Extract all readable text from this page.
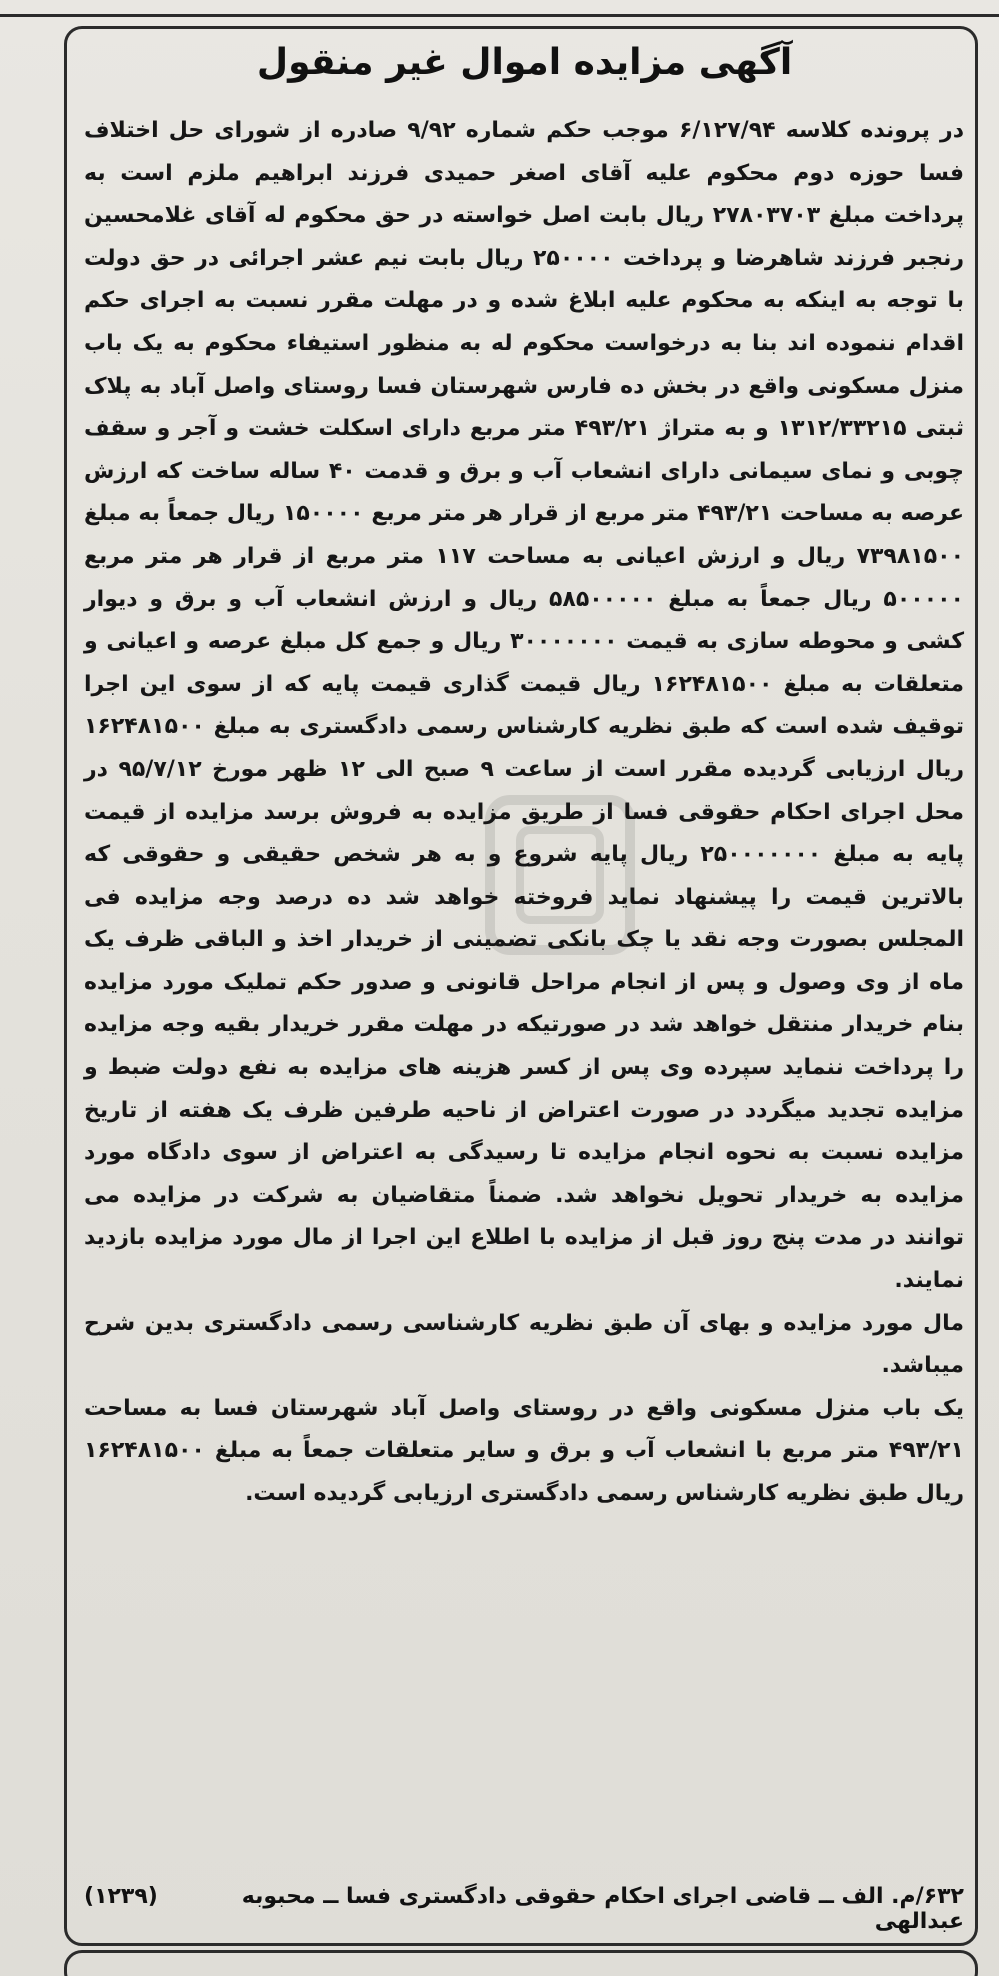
آگهی مزایده اموال غیر منقول

در پرونده کلاسه ۶/۱۲۷/۹۴ موجب حکم شماره ۹/۹۲ صادره از شورای حل اختلاف فسا حوزه دوم محکوم علیه آقای اصغر حمیدی فرزند ابراهیم ملزم است به پرداخت مبلغ ۲۷۸۰۳۷۰۳ ریال بابت اصل خواسته در حق محکوم له آقای غلامحسین رنجبر فرزند شاهرضا و پرداخت ۲۵۰۰۰۰ ریال بابت نیم عشر اجرائی در حق دولت با توجه به اینکه به محکوم علیه ابلاغ شده و در مهلت مقرر نسبت به اجرای حکم اقدام ننموده اند بنا به درخواست محکوم له به منظور استیفاء محکوم به یک باب منزل مسکونی واقع در بخش ده فارس شهرستان فسا روستای واصل آباد به پلاک ثبتی ۱۳۱۲/۳۳۲۱۵ و به متراژ ۴۹۳/۲۱ متر مربع دارای اسکلت خشت و آجر و سقف چوبی و نمای سیمانی دارای انشعاب آب و برق و قدمت ۴۰ ساله ساخت که ارزش عرصه به مساحت ۴۹۳/۲۱ متر مربع از قرار هر متر مربع ۱۵۰۰۰۰ ریال جمعاً به مبلغ ۷۳۹۸۱۵۰۰ ریال و ارزش اعیانی به مساحت ۱۱۷ متر مربع از قرار هر متر مربع ۵۰۰۰۰۰ ریال جمعاً به مبلغ ۵۸۵۰۰۰۰۰ ریال و ارزش انشعاب آب و برق و دیوار کشی و محوطه سازی به قیمت ۳۰۰۰۰۰۰۰ ریال و جمع کل مبلغ عرصه و اعیانی و متعلقات به مبلغ ۱۶۲۴۸۱۵۰۰ ریال قیمت گذاری قیمت پایه که از سوی این اجرا توقیف شده است که طبق نظریه کارشناس رسمی دادگستری به مبلغ ۱۶۲۴۸۱۵۰۰ ریال ارزیابی گردیده مقرر است از ساعت ۹ صبح الی ۱۲ ظهر مورخ ۹۵/۷/۱۲ در محل اجرای احکام حقوقی فسا از طریق مزایده به فروش برسد مزایده از قیمت پایه به مبلغ ۲۵۰۰۰۰۰۰۰ ریال پایه شروع و به هر شخص حقیقی و حقوقی که بالاترین قیمت را پیشنهاد نماید فروخته خواهد شد ده درصد وجه مزایده فی المجلس بصورت وجه نقد یا چک بانکی تضمینی از خریدار اخذ و الباقی ظرف یک ماه از وی وصول و پس از انجام مراحل قانونی و صدور حکم تملیک مورد مزایده بنام خریدار منتقل خواهد شد در صورتیکه در مهلت مقرر خریدار بقیه وجه مزایده را پرداخت ننماید سپرده وی پس از کسر هزینه های مزایده به نفع دولت ضبط و مزایده تجدید میگردد در صورت اعتراض از ناحیه طرفین ظرف یک هفته از تاریخ مزایده نسبت به نحوه انجام مزایده تا رسیدگی به اعتراض از سوی دادگاه مورد مزایده به خریدار تحویل نخواهد شد. ضمناً متقاضیان به شرکت در مزایده می توانند در مدت پنج روز قبل از مزایده با اطلاع این اجرا از مال مورد مزایده بازدید نمایند.

مال مورد مزایده و بهای آن طبق نظریه کارشناسی رسمی دادگستری بدین شرح میباشد.

یک باب منزل مسکونی واقع در روستای واصل آباد شهرستان فسا به مساحت ۴۹۳/۲۱ متر مربع با انشعاب آب و برق و سایر متعلقات جمعاً به مبلغ ۱۶۲۴۸۱۵۰۰ ریال طبق نظریه کارشناس رسمی دادگستری ارزیابی گردیده است.

۶۳۲/م. الف ــ قاضی اجرای احکام حقوقی دادگستری فسا ــ محبوبه عبدالهی
(۱۲۳۹)
